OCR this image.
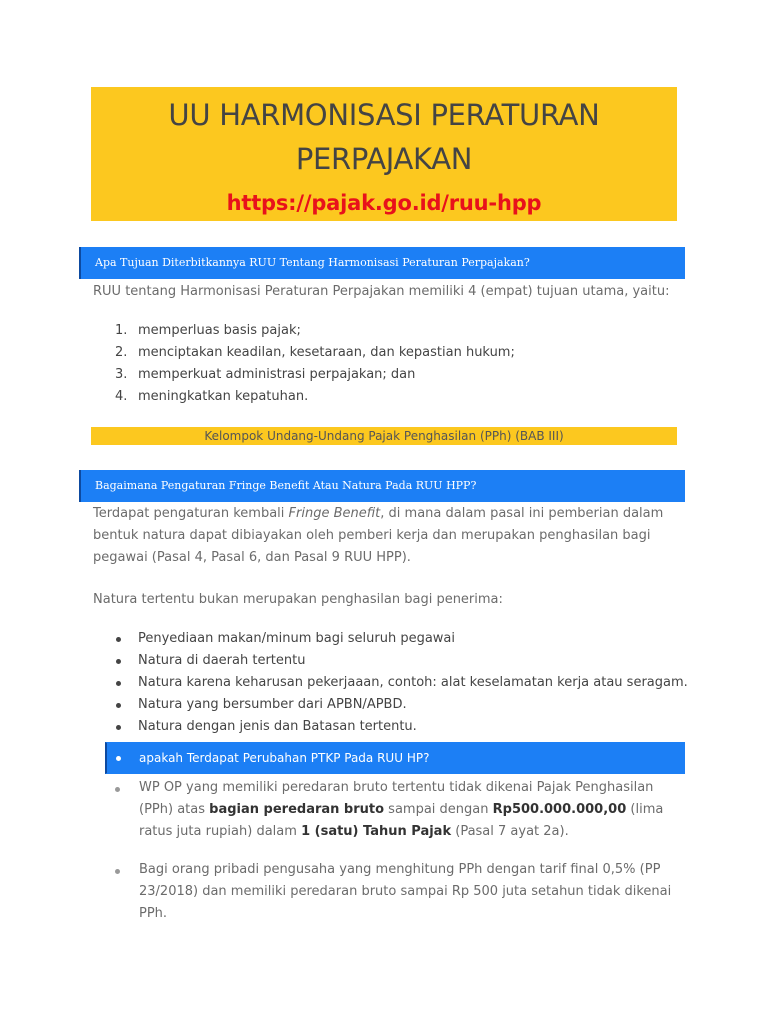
UU HARMONISASI PERATURAN
PERPAJAKAN
https://pajak.go.id/ruu-hpp
Apa Tujuan Diterbitkannya RUU Tentang Harmonisasi Peraturan Perpajakan?

RUU tentang Harmonisasi Peraturan Perpajakan memiliki 4 (empat) tujuan utama, yaitu:

1. memperluas basis pajak;
2. menciptakan keadilan, kesetaraan, dan kepastian hukum;
3. memperkuat administrasi perpajakan; dan
4. meningkatkan kepatuhan.
Kelompok Undang-Undang Pajak Penghasilan (PPh) (BAB III)
Bagaimana Pengaturan Fringe Benefit Atau Natura Pada RUU HPP?

Terdapat pengaturan kembali Fringe Benefit, di mana dalam pasal ini pemberian dalam bentuk natura dapat dibiayakan oleh pemberi kerja dan merupakan penghasilan bagi pegawai (Pasal 4, Pasal 6, dan Pasal 9 RUU HPP).

Natura tertentu bukan merupakan penghasilan bagi penerima:

Penyediaan makan/minum bagi seluruh pegawai
Natura di daerah tertentu
Natura karena keharusan pekerjaaan, contoh: alat keselamatan kerja atau seragam.
Natura yang bersumber dari APBN/APBD.
Natura dengan jenis dan Batasan tertentu.
apakah Terdapat Perubahan PTKP Pada RUU HP?

WP OP yang memiliki peredaran bruto tertentu tidak dikenai Pajak Penghasilan (PPh) atas bagian peredaran bruto sampai dengan Rp500.000.000,00 (lima ratus juta rupiah) dalam 1 (satu) Tahun Pajak (Pasal 7 ayat 2a).

Bagi orang pribadi pengusaha yang menghitung PPh dengan tarif final 0,5% (PP 23/2018) dan memiliki peredaran bruto sampai Rp 500 juta setahun tidak dikenai PPh.
